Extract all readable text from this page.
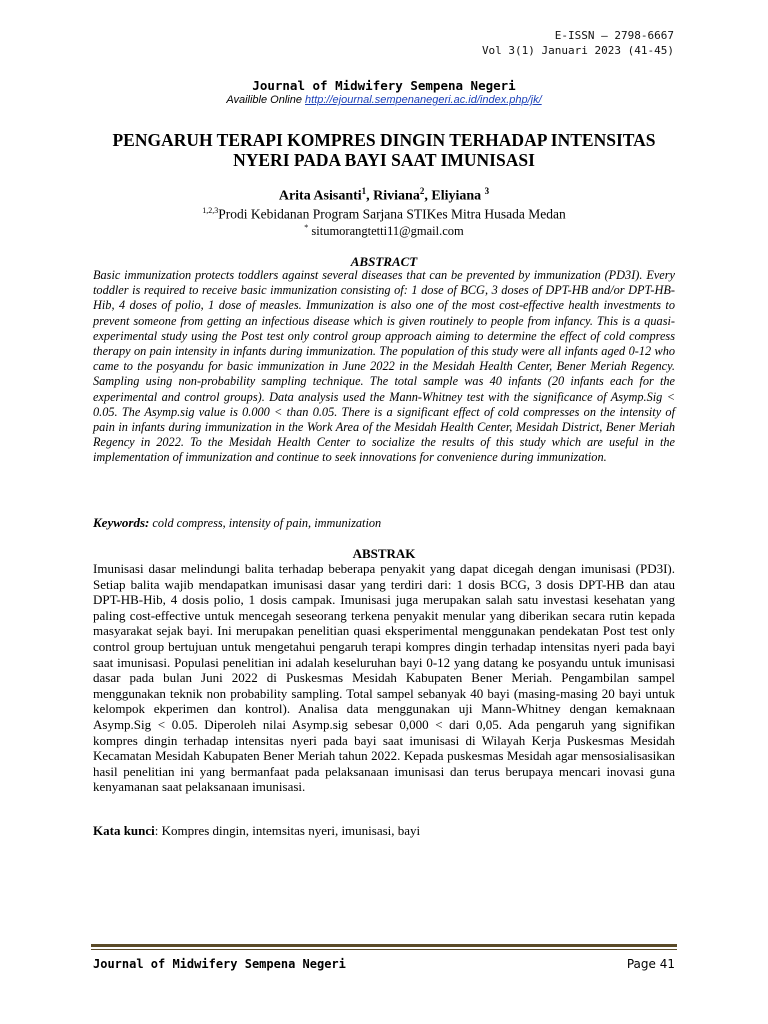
E-ISSN – 2798-6667
Vol 3(1) Januari 2023 (41-45)
Journal of Midwifery Sempena Negeri
Availible Online http://ejournal.sempenanegeri.ac.id/index.php/jk/
PENGARUH TERAPI KOMPRES DINGIN TERHADAP INTENSITAS
NYERI PADA BAYI SAAT IMUNISASI
Arita Asisanti$^1$, Riviana$^2$, Eliyiana $^3$
$^{1,2,3}$Prodi Kebidanan Program Sarjana STIKes Mitra Husada Medan
* situmorangtetti11@gmail.com
ABSTRACT
Basic immunization protects toddlers against several diseases that can be prevented by immunization (PD3I). Every toddler is required to receive basic immunization consisting of: 1 dose of BCG, 3 doses of DPT-HB and/or DPT-HB-Hib, 4 doses of polio, 1 dose of measles. Immunization is also one of the most cost-effective health investments to prevent someone from getting an infectious disease which is given routinely to people from infancy. This is a quasi-experimental study using the Post test only control group approach aiming to determine the effect of cold compress therapy on pain intensity in infants during immunization. The population of this study were all infants aged 0-12 who came to the posyandu for basic immunization in June 2022 in the Mesidah Health Center, Bener Meriah Regency. Sampling using non-probability sampling technique. The total sample was 40 infants (20 infants each for the experimental and control groups). Data analysis used the Mann-Whitney test with the significance of Asymp.Sig < 0.05. The Asymp.sig value is 0.000 < than 0.05. There is a significant effect of cold compresses on the intensity of pain in infants during immunization in the Work Area of the Mesidah Health Center, Mesidah District, Bener Meriah Regency in 2022. To the Mesidah Health Center to socialize the results of this study which are useful in the implementation of immunization and continue to seek innovations for convenience during immunization.
Keywords: cold compress, intensity of pain, immunization
ABSTRAK
Imunisasi dasar melindungi balita terhadap beberapa penyakit yang dapat dicegah dengan imunisasi (PD3I). Setiap balita wajib mendapatkan imunisasi dasar yang terdiri dari: 1 dosis BCG, 3 dosis DPT-HB dan atau DPT-HB-Hib, 4 dosis polio, 1 dosis campak. Imunisasi juga merupakan salah satu investasi kesehatan yang paling cost-effective untuk mencegah seseorang terkena penyakit menular yang diberikan secara rutin kepada masyarakat sejak bayi. Ini merupakan penelitian quasi eksperimental menggunakan pendekatan Post test only control group bertujuan untuk mengetahui pengaruh terapi kompres dingin terhadap intensitas nyeri pada bayi saat imunisasi. Populasi penelitian ini adalah keseluruhan bayi 0-12 yang datang ke posyandu untuk imunisasi dasar pada bulan Juni 2022 di Puskesmas Mesidah Kabupaten Bener Meriah. Pengambilan sampel menggunakan teknik non probability sampling. Total sampel sebanyak 40 bayi (masing-masing 20 bayi untuk kelompok ekperimen dan kontrol). Analisa data menggunakan uji Mann-Whitney dengan kemaknaan Asymp.Sig < 0.05. Diperoleh nilai Asymp.sig sebesar 0,000 < dari 0,05. Ada pengaruh yang signifikan kompres dingin terhadap intensitas nyeri pada bayi saat imunisasi di Wilayah Kerja Puskesmas Mesidah Kecamatan Mesidah Kabupaten Bener Meriah tahun 2022. Kepada puskesmas Mesidah agar mensosialisasikan hasil penelitian ini yang bermanfaat pada pelaksanaan imunisasi dan terus berupaya mencari inovasi guna kenyamanan saat pelaksanaan imunisasi.
Kata kunci: Kompres dingin, intemsitas nyeri, imunisasi, bayi
Journal of Midwifery Sempena Negeri	Page 41
